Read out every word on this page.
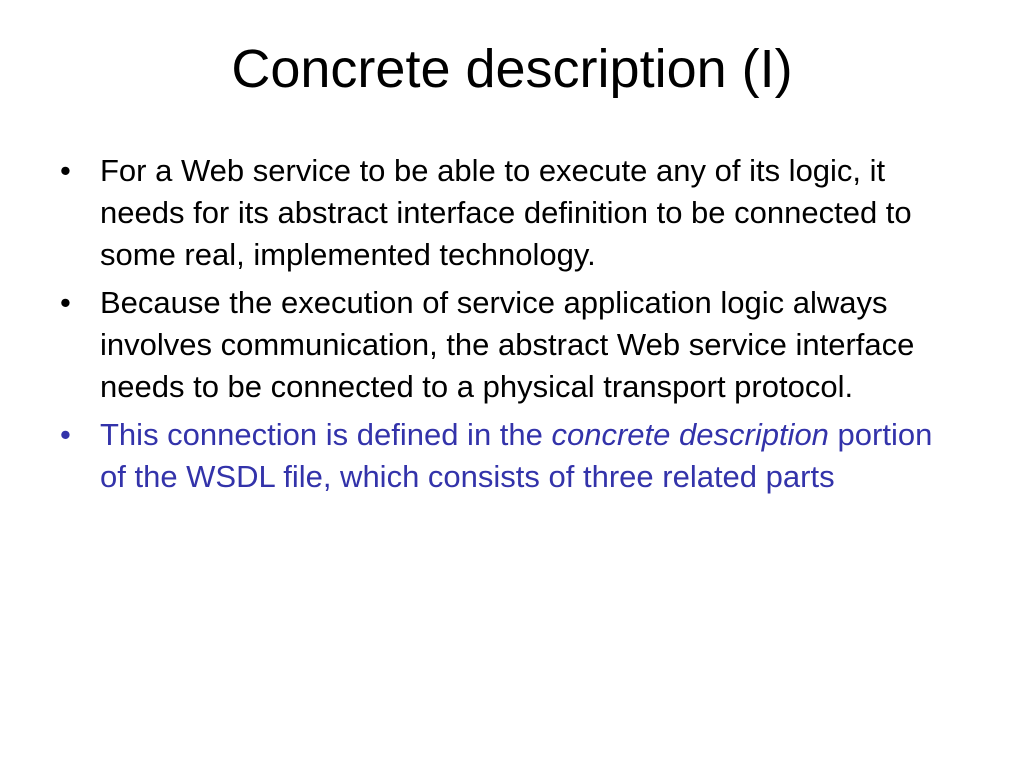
Concrete description (I)
• For a Web service to be able to execute any of its logic, it needs for its abstract interface definition to be connected to some real, implemented technology.
• Because the execution of service application logic always involves communication, the abstract Web service interface needs to be connected to a physical transport protocol.
• This connection is defined in the concrete description portion of the WSDL file, which consists of three related parts
